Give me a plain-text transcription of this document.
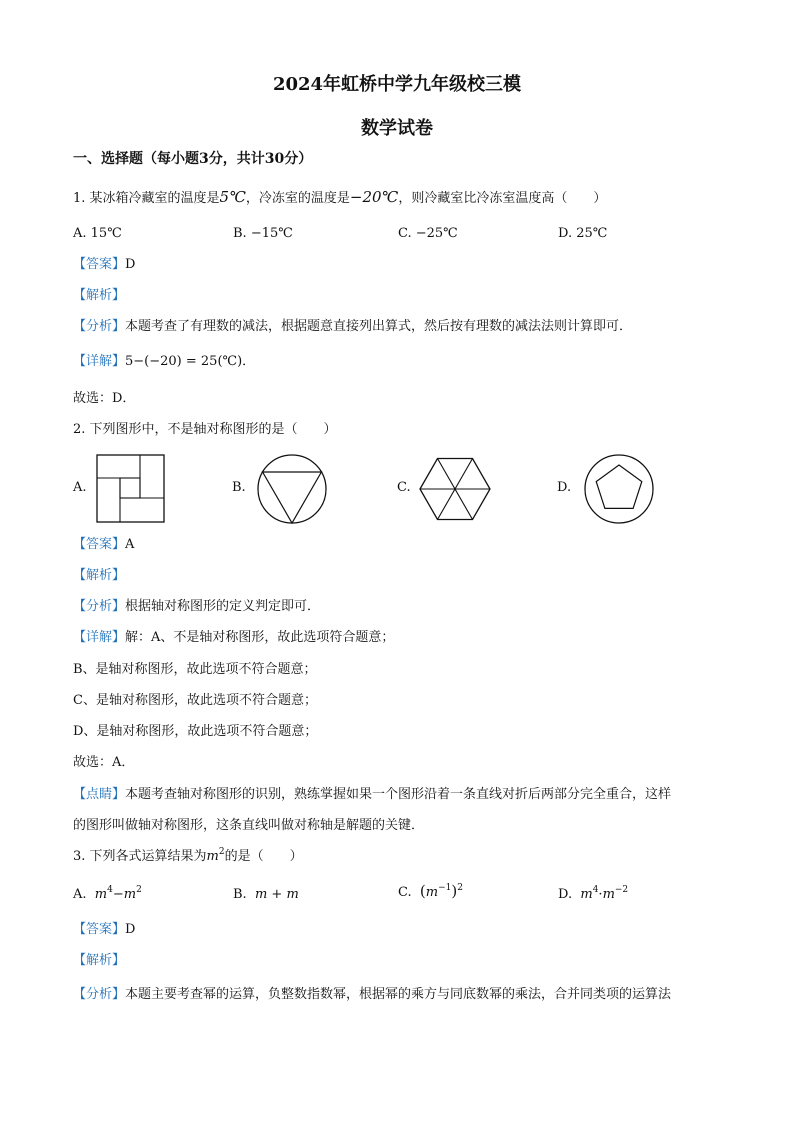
2024年虹桥中学九年级校三模
数学试卷
一、选择题（每小题3分，共计30分）
1. 某冰箱冷藏室的温度是5℃，冷冻室的温度是−20℃，则冷藏室比冷冻室温度高（　　）
A. 15℃	B. −15℃	C. −25℃	D. 25℃
【答案】D
【解析】
【分析】本题考查了有理数的减法，根据题意直接列出算式，然后按有理数的减法法则计算即可．
【详解】5−(−20) = 25(℃)．
故选：D．
2. 下列图形中，不是轴对称图形的是（　　）
A.	B.	C.	D.
【答案】A
【解析】
【分析】根据轴对称图形的定义判定即可．
【详解】解：A、不是轴对称图形，故此选项符合题意；
B、是轴对称图形，故此选项不符合题意；
C、是轴对称图形，故此选项不符合题意；
D、是轴对称图形，故此选项不符合题意；
故选：A．
【点睛】本题考查轴对称图形的识别，熟练掌握如果一个图形沿着一条直线对折后两部分完全重合，这样
的图形叫做轴对称图形，这条直线叫做对称轴是解题的关键．
3. 下列各式运算结果为$m^2$的是（　　）
A. $m^4-m^2$	B. m + m	C. $(m^{-1})^2$	D. $m^4\cdot m^{-2}$
【答案】D
【解析】
【分析】本题主要考查幂的运算，负整数指数幂，根据幂的乘方与同底数幂的乘法，合并同类项的运算法
